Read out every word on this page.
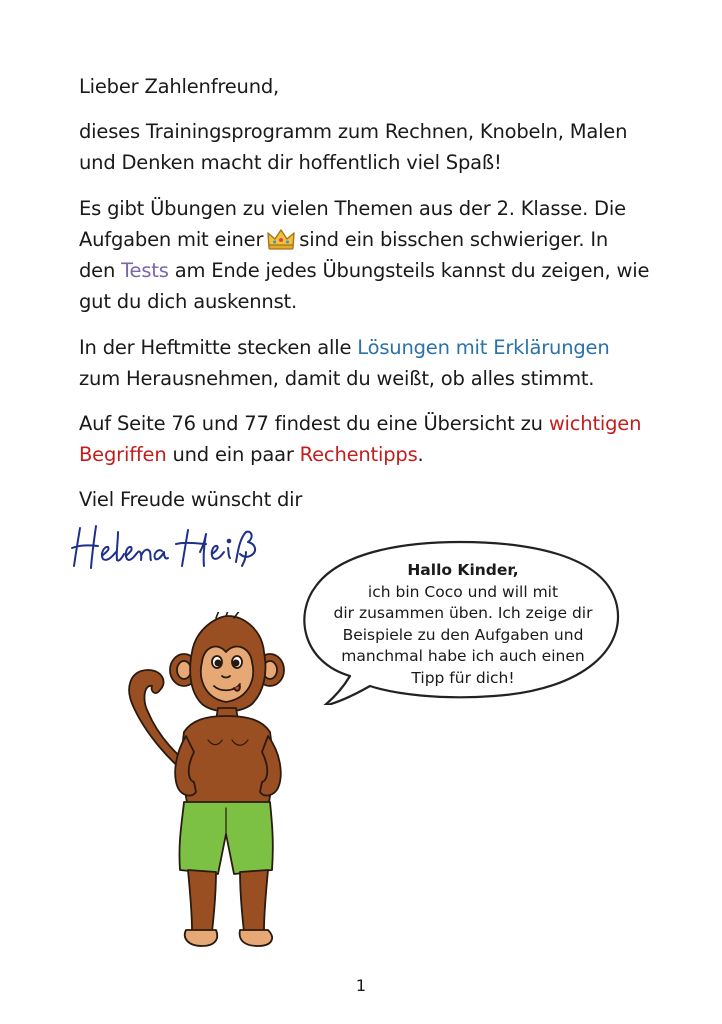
Lieber Zahlenfreund,

dieses Trainingsprogramm zum Rechnen, Knobeln, Malen

und Denken macht dir hoffentlich viel Spaß!

Es gibt Übungen zu vielen Themen aus der 2. Klasse. Die

Aufgaben mit einer sind ein bisschen schwieriger. In

den Tests am Ende jedes Übungsteils kannst du zeigen, wie

gut du dich auskennst.

In der Heftmitte stecken alle Lösungen mit Erklärungen

zum Herausnehmen, damit du weißt, ob alles stimmt.

Auf Seite 76 und 77 findest du eine Übersicht zu wichtigen

Begriffen und ein paar Rechentipps.

Viel Freude wünscht dir

Hallo Kinder,
ich bin Coco und will mit
dir zusammen üben. Ich zeige dir
Beispiele zu den Aufgaben und
manchmal habe ich auch einen
Tipp für dich!
1
